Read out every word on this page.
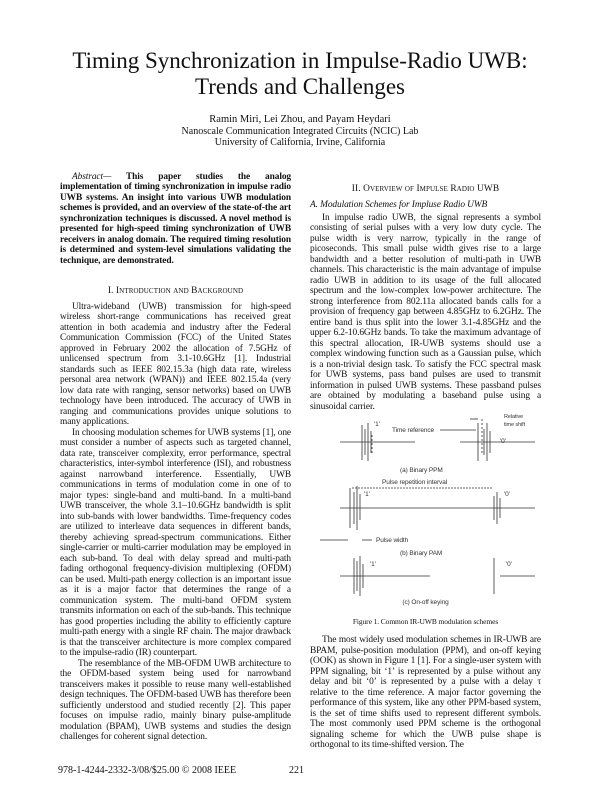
Timing Synchronization in Impulse-Radio UWB:
Trends and Challenges
Ramin Miri, Lei Zhou, and Payam Heydari
Nanoscale Communication Integrated Circuits (NCIC) Lab
University of California, Irvine, California

Abstract— This paper studies the analog implementation of timing synchronization in impulse radio UWB systems. An insight into various UWB modulation schemes is provided, and an overview of the state-of-the art synchronization techniques is discussed. A novel method is presented for high-speed timing synchronization of UWB receivers in analog domain. The required timing resolution is determined and system-level simulations validating the technique, are demonstrated.

I. Introduction and Background

Ultra-wideband (UWB) transmission for high-speed wireless short-range communications has received great attention in both academia and industry after the Federal Communication Commission (FCC) of the United States approved in February 2002 the allocation of 7.5GHz of unlicensed spectrum from 3.1-10.6GHz [1]. Industrial standards such as IEEE 802.15.3a (high data rate, wireless personal area network (WPAN)) and IEEE 802.15.4a (very low data rate with ranging, sensor networks) based on UWB technology have been introduced. The accuracy of UWB in ranging and communications provides unique solutions to many applications.

In choosing modulation schemes for UWB systems [1], one must consider a number of aspects such as targeted channel, data rate, transceiver complexity, error performance, spectral characteristics, inter-symbol interference (ISI), and robustness against narrowband interference. Essentially, UWB communications in terms of modulation come in one of to major types: single-band and multi-band. In a multi-band UWB transceiver, the whole 3.1–10.6GHz bandwidth is split into sub-bands with lower bandwidths. Time-frequency codes are utilized to interleave data sequences in different bands, thereby achieving spread-spectrum communications. Either single-carrier or multi-carrier modulation may be employed in each sub-band. To deal with delay spread and multi-path fading orthogonal frequency-division multiplexing (OFDM) can be used. Multi-path energy collection is an important issue as it is a major factor that determines the range of a communication system. The multi-band OFDM system transmits information on each of the sub-bands. This technique has good properties including the ability to efficiently capture multi-path energy with a single RF chain. The major drawback is that the transceiver architecture is more complex compared to the impulse-radio (IR) counterpart.

The resemblance of the MB-OFDM UWB architecture to the OFDM-based system being used for narrowband transceivers makes it possible to reuse many well-established design techniques. The OFDM-based UWB has therefore been sufficiently understood and studied recently [2]. This paper focuses on impulse radio, mainly binary pulse-amplitude modulation (BPAM), UWB systems and studies the design challenges for coherent signal detection.

II. Overview of Impulse Radio UWB
A. Modulation Schemes for Impluse Radio UWB

In impulse radio UWB, the signal represents a symbol consisting of serial pulses with a very low duty cycle. The pulse width is very narrow, typically in the range of picoseconds. This small pulse width gives rise to a large bandwidth and a better resolution of multi-path in UWB channels. This characteristic is the main advantage of impulse radio UWB in addition to its usage of the full allocated spectrum and the low-complex low-power architecture. The strong interference from 802.11a allocated bands calls for a provision of frequency gap between 4.85GHz to 6.2GHz. The entire band is thus split into the lower 3.1-4.85GHz and the upper 6.2-10.6GHz bands. To take the maximum advantage of this spectral allocation, IR-UWB systems should use a complex windowing function such as a Gaussian pulse, which is a non-trivial design task. To satisfy the FCC spectral mask for UWB systems, pass band pulses are used to transmit information in pulsed UWB systems. These passband pulses are obtained by modulating a baseband pulse using a sinusoidal carrier.

'1'
'0'
Time reference
Relative
time shift
(a) Binary PPM
Pulse repetition interval
'1'	'0'
Pulse width
(b) Binary PAM
'1'	'0'
(c) On-off keying
Figure 1. Common IR-UWB modulation schemes

The most widely used modulation schemes in IR-UWB are BPAM, pulse-position modulation (PPM), and on-off keying (OOK) as shown in Figure 1 [1]. For a single-user system with PPM signaling, bit ‘1’ is represented by a pulse without any delay and bit ‘0’ is represented by a pulse with a delay τ relative to the time reference. A major factor governing the performance of this system, like any other PPM-based system, is the set of time shifts used to represent different symbols. The most commonly used PPM scheme is the orthogonal signaling scheme for which the UWB pulse shape is orthogonal to its time-shifted version. The

978-1-4244-2332-3/08/$25.00 © 2008 IEEE	221
